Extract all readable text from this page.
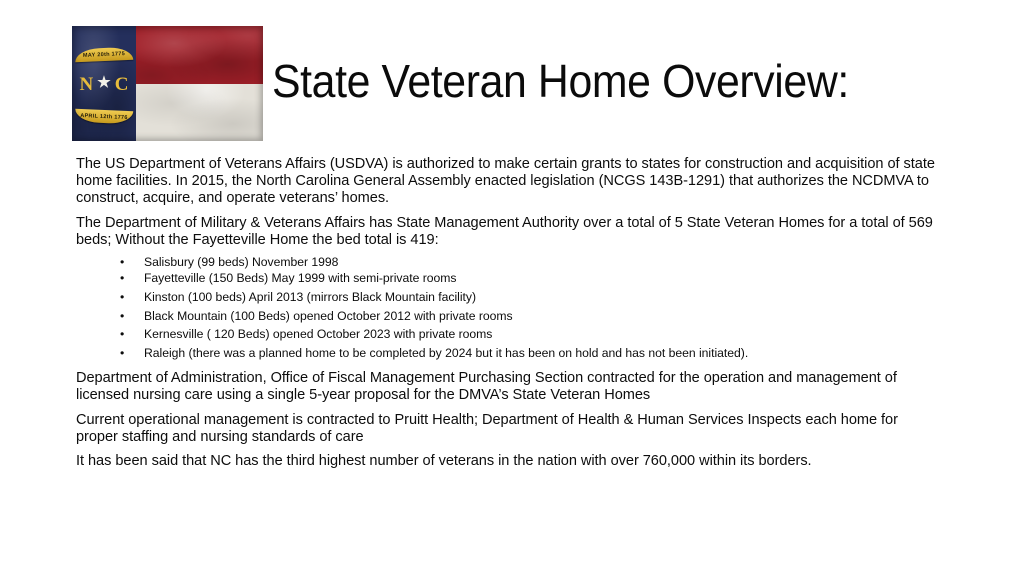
MAY 20th 1775
N ★ C
APRIL 12th 1776
State Veteran Home Overview:

The US Department of Veterans Affairs (USDVA) is authorized to make certain grants to states for construction and acquisition of state home facilities. In 2015, the North Carolina General Assembly enacted legislation (NCGS 143B-1291) that authorizes the NCDMVA to construct, acquire, and operate veterans’ homes.

The Department of Military & Veterans Affairs has State Management Authority over a total of 5 State Veteran Homes for a total of 569 beds; Without the Fayetteville Home the bed total is 419:

• Salisbury (99 beds) November 1998
• Fayetteville (150 Beds) May 1999 with semi-private rooms
• Kinston (100 beds) April 2013 (mirrors Black Mountain facility)
• Black Mountain (100 Beds) opened October 2012 with private rooms
• Kernesville ( 120 Beds) opened October 2023 with private rooms
• Raleigh (there was a planned home to be completed by 2024 but it has been on hold and has not been initiated).

Department of Administration, Office of Fiscal Management Purchasing Section contracted for the operation and management of licensed nursing care using a single 5-year proposal for the DMVA’s State Veteran Homes

Current operational management is contracted to Pruitt Health; Department of Health & Human Services Inspects each home for proper staffing and nursing standards of care

It has been said that NC has the third highest number of veterans in the nation with over 760,000 within its borders.
